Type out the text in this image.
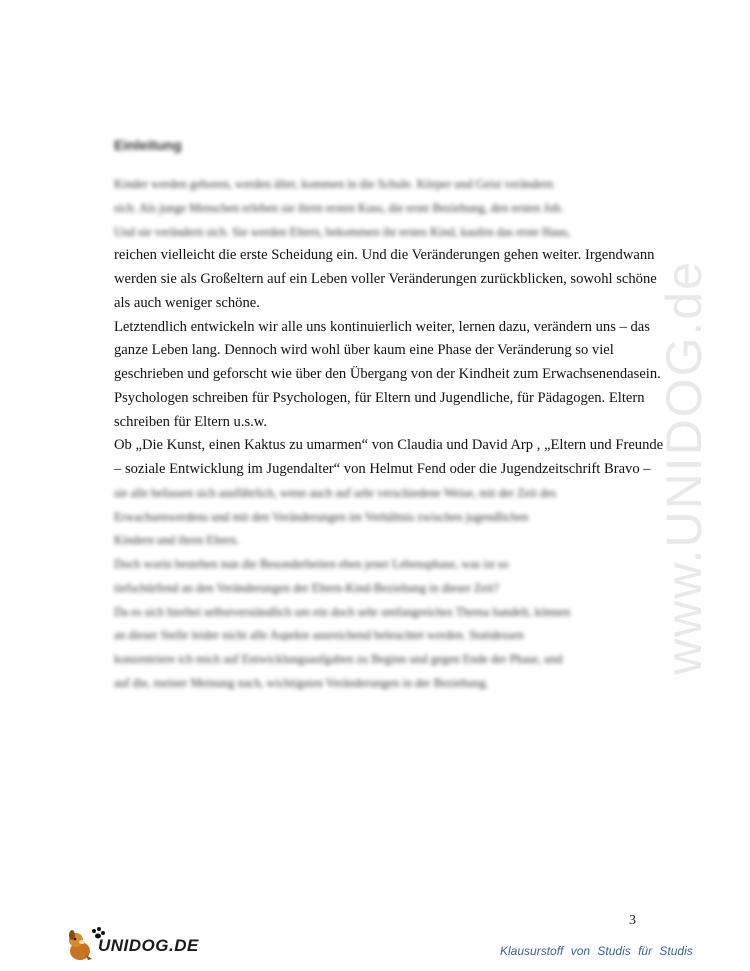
Einleitung
Kinder werden geboren, werden älter, kommen in die Schule. Körper und Geist verändern
sich. Als junge Menschen erleben sie ihren ersten Kuss, die erste Beziehung, den ersten Job.
Und sie verändern sich. Sie werden Eltern, bekommen ihr erstes Kind, kaufen das erste Haus,
reichen vielleicht die erste Scheidung ein. Und die Veränderungen gehen weiter. Irgendwann
werden sie als Großeltern auf ein Leben voller Veränderungen zurückblicken, sowohl schöne
als auch weniger schöne.
Letztendlich entwickeln wir alle uns kontinuierlich weiter, lernen dazu, verändern uns – das
ganze Leben lang. Dennoch wird wohl über kaum eine Phase der Veränderung so viel
geschrieben und geforscht wie über den Übergang von der Kindheit zum Erwachsenendasein.
Psychologen schreiben für Psychologen, für Eltern und Jugendliche, für Pädagogen. Eltern
schreiben für Eltern u.s.w.
Ob „Die Kunst, einen Kaktus zu umarmen“ von Claudia und David Arp , „Eltern und Freunde
– soziale Entwicklung im Jugendalter“ von Helmut Fend oder die Jugendzeitschrift Bravo –
sie alle befassen sich ausführlich, wenn auch auf sehr verschiedene Weise, mit der Zeit des
Erwachsenwerdens und mit den Veränderungen im Verhältnis zwischen jugendlichen
Kindern und ihren Eltern.
Doch worin bestehen nun die Besonderheiten eben jener Lebensphase, was ist so
tiefschürfend an den Veränderungen der Eltern-Kind-Beziehung in dieser Zeit?
Da es sich hierbei selbstverständlich um ein doch sehr umfangreiches Thema handelt, können
an dieser Stelle leider nicht alle Aspekte ausreichend beleuchtet werden. Stattdessen
konzentriere ich mich auf Entwicklungsaufgaben zu Beginn und gegen Ende der Phase, und
auf die, meiner Meinung nach, wichtigsten Veränderungen in der Beziehung.
www.UNIDOG.de
3
UNIDOG.DE	Klausurstoff von Studis für Studis
